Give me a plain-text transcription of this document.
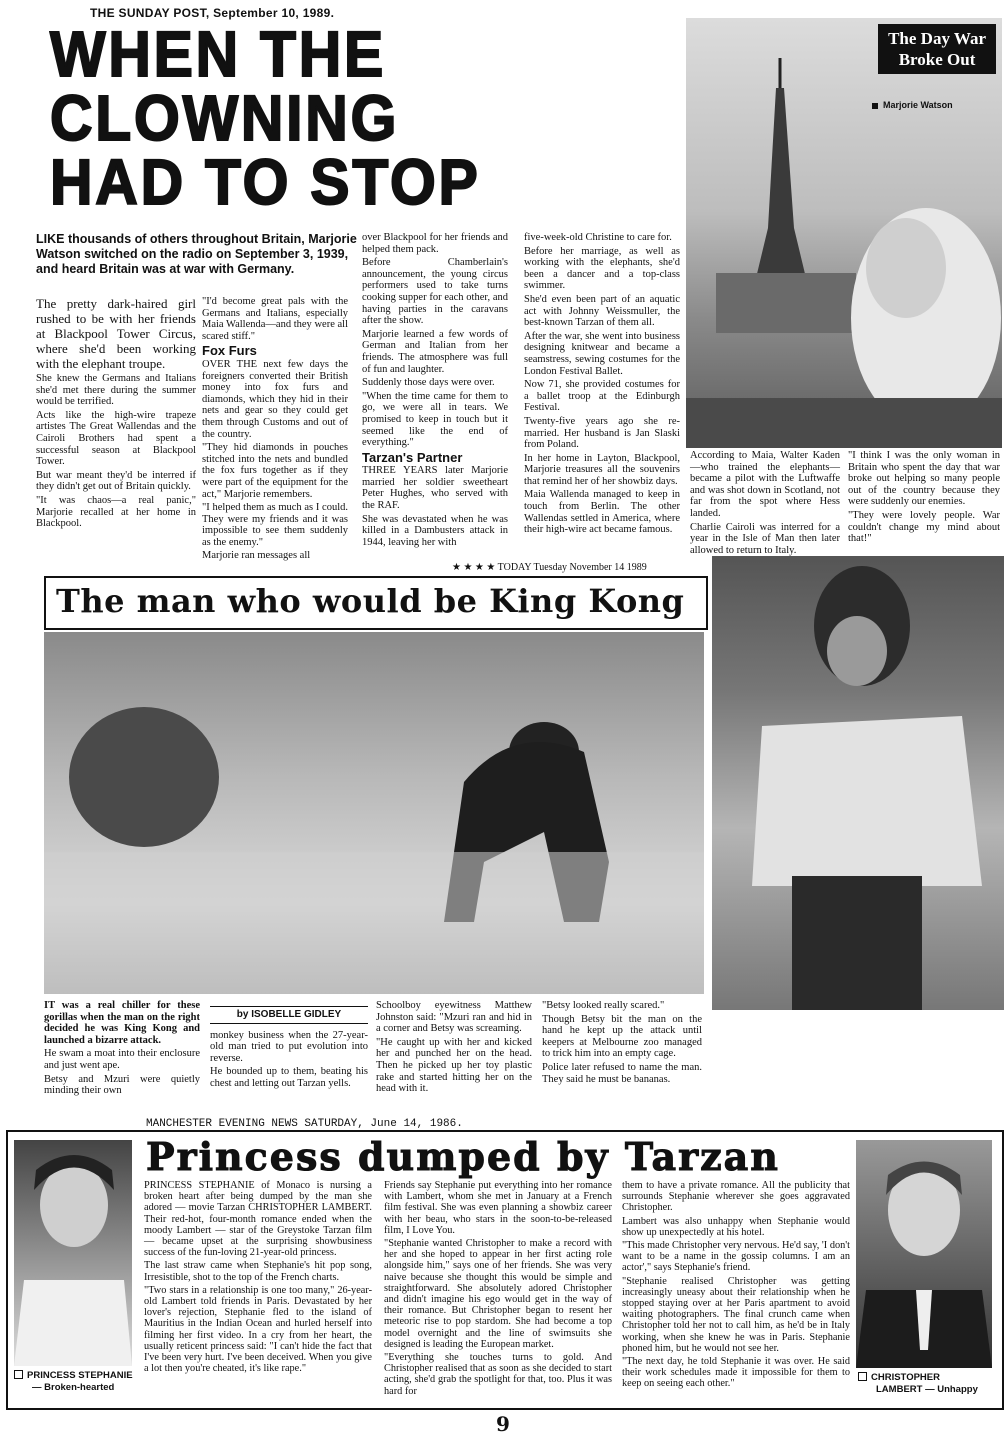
THE SUNDAY POST, September 10, 1989.
WHEN THE
CLOWNING
HAD TO STOP
The Day War
Broke Out
Marjorie Watson
LIKE thousands of others throughout Britain, Marjorie Watson switched on the radio on September 3, 1939, and heard Britain was at war with Germany.

The pretty dark-haired girl rushed to be with her friends at Blackpool Tower Circus, where she'd been working with the elephant troupe.

She knew the Germans and Italians she'd met there during the summer would be terrified.

Acts like the high-wire trapeze artistes The Great Wallendas and the Cairoli Brothers had spent a successful season at Blackpool Tower.

But war meant they'd be interred if they didn't get out of Britain quickly.

"It was chaos—a real panic," Marjorie recalled at her home in Blackpool.

"I'd become great pals with the Germans and Italians, especially Maia Wallenda—and they were all scared stiff."

Fox Furs

OVER THE next few days the foreigners converted their British money into fox furs and diamonds, which they hid in their nets and gear so they could get them through Customs and out of the country.

"They hid diamonds in pouches stitched into the nets and bundled the fox furs together as if they were part of the equipment for the act," Marjorie remembers.

"I helped them as much as I could. They were my friends and it was impossible to see them suddenly as the enemy."

Marjorie ran messages all

over Blackpool for her friends and helped them pack.

Before Chamberlain's announcement, the young circus performers used to take turns cooking supper for each other, and having parties in the caravans after the show.

Marjorie learned a few words of German and Italian from her friends. The atmosphere was full of fun and laughter.

Suddenly those days were over.

"When the time came for them to go, we were all in tears. We promised to keep in touch but it seemed like the end of everything."

Tarzan's Partner

THREE YEARS later Marjorie married her soldier sweetheart Peter Hughes, who served with the RAF.

She was devastated when he was killed in a Dambusters attack in 1944, leaving her with

five-week-old Christine to care for.

Before her marriage, as well as working with the elephants, she'd been a dancer and a top-class swimmer.

She'd even been part of an aquatic act with Johnny Weissmuller, the best-known Tarzan of them all.

After the war, she went into business designing knitwear and became a seamstress, sewing costumes for the London Festival Ballet.

Now 71, she provided costumes for a ballet troop at the Edinburgh Festival.

Twenty-five years ago she re-married. Her husband is Jan Slaski from Poland.

In her home in Layton, Blackpool, Marjorie treasures all the souvenirs that remind her of her showbiz days.

Maia Wallenda managed to keep in touch from Berlin. The other Wallendas settled in America, where their high-wire act became famous.

According to Maia, Walter Kaden—who trained the elephants—became a pilot with the Luftwaffe and was shot down in Scotland, not far from the spot where Hess landed.

Charlie Cairoli was interred for a year in the Isle of Man then later allowed to return to Italy.

"I think I was the only woman in Britain who spent the day that war broke out helping so many people out of the country because they were suddenly our enemies.

"They were lovely people. War couldn't change my mind about that!"

★ ★ ★ ★ TODAY Tuesday November 14 1989
The man who would be King Kong

IT was a real chiller for these gorillas when the man on the right decided he was King Kong and launched a bizarre attack.

He swam a moat into their enclosure and just went ape.

Betsy and Mzuri were quietly minding their own

by ISOBELLE GIDLEY

monkey business when the 27-year-old man tried to put evolution into reverse.

He bounded up to them, beating his chest and letting out Tarzan yells.

Schoolboy eyewitness Matthew Johnston said: "Mzuri ran and hid in a corner and Betsy was screaming.

"He caught up with her and kicked her and punched her on the head. Then he picked up her toy plastic rake and started hitting her on the head with it.

"Betsy looked really scared."

Though Betsy bit the man on the hand he kept up the attack until keepers at Melbourne zoo managed to trick him into an empty cage.

Police later refused to name the man. They said he must be bananas.

MANCHESTER EVENING NEWS SATURDAY, June 14, 1986.
Princess dumped by Tarzan
PRINCESS STEPHANIE
— Broken-hearted
CHRISTOPHER
LAMBERT — Unhappy

PRINCESS STEPHANIE of Monaco is nursing a broken heart after being dumped by the man she adored — movie Tarzan CHRISTOPHER LAMBERT. Their red-hot, four-month romance ended when the moody Lambert — star of the Greystoke Tarzan film — became upset at the surprising showbusiness success of the fun-loving 21-year-old princess.

The last straw came when Stephanie's hit pop song, Irresistible, shot to the top of the French charts.

"Two stars in a relationship is one too many," 26-year-old Lambert told friends in Paris. Devastated by her lover's rejection, Stephanie fled to the island of Mauritius in the Indian Ocean and hurled herself into filming her first video. In a cry from her heart, the usually reticent princess said: "I can't hide the fact that I've been very hurt. I've been deceived. When you give a lot then you're cheated, it's like rape."

Friends say Stephanie put everything into her romance with Lambert, whom she met in January at a French film festival. She was even planning a showbiz career with her beau, who stars in the soon-to-be-released film, I Love You.

"Stephanie wanted Christopher to make a record with her and she hoped to appear in her first acting role alongside him," says one of her friends. She was very naive because she thought this would be simple and straightforward. She absolutely adored Christopher and didn't imagine his ego would get in the way of their romance. But Christopher began to resent her meteoric rise to pop stardom. She had become a top model overnight and the line of swimsuits she designed is leading the European market.

"Everything she touches turns to gold. And Christopher realised that as soon as she decided to start acting, she'd grab the spotlight for that, too. Plus it was hard for

them to have a private romance. All the publicity that surrounds Stephanie wherever she goes aggravated Christopher.

Lambert was also unhappy when Stephanie would show up unexpectedly at his hotel.

"This made Christopher very nervous. He'd say, 'I don't want to be a name in the gossip columns. I am an actor'," says Stephanie's friend.

"Stephanie realised Christopher was getting increasingly uneasy about their relationship when he stopped staying over at her Paris apartment to avoid waiting photographers. The final crunch came when Christopher told her not to call him, as he'd be in Italy working, when she knew he was in Paris. Stephanie phoned him, but he would not see her.

"The next day, he told Stephanie it was over. He said their work schedules made it impossible for them to keep on seeing each other."

9
